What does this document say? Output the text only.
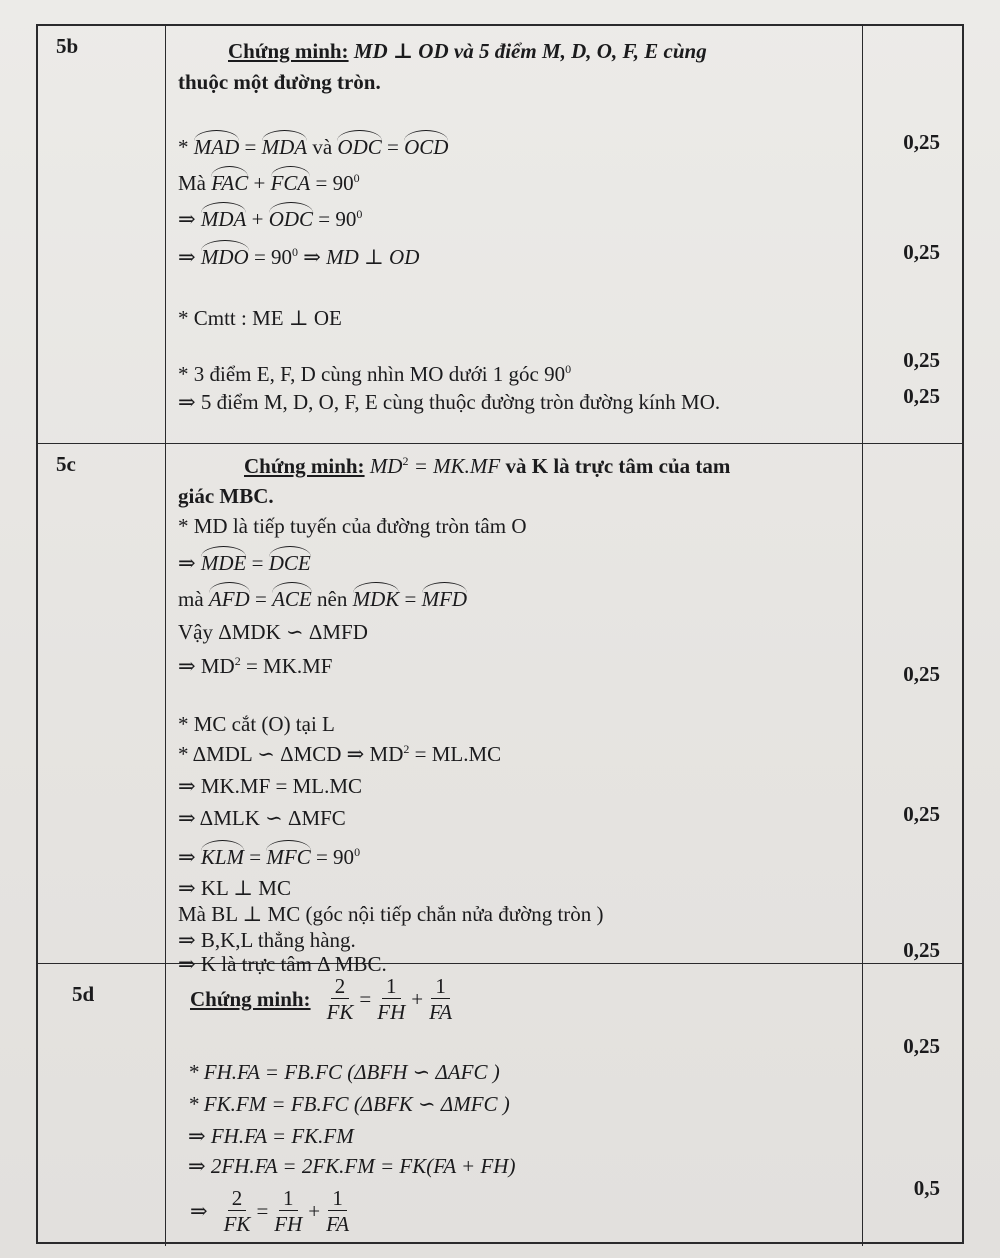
5b
0,25
0,25
0,25
0,25
Chứng minh: MD ⊥ OD và 5 điểm M, D, O, F, E cùng
thuộc một đường tròn.
* MAD = MDA và ODC = OCD
Mà FAC + FCA = $90^0$
⇒ MDA + ODC = $90^0$
⇒ MDO = $90^0$ ⇒ MD ⊥ OD
* Cmtt : ME ⊥ OE
* 3 điểm E, F, D cùng nhìn MO dưới 1 góc $90^0$
⇒ 5 điểm M, D, O, F, E cùng thuộc đường tròn đường kính MO.
5c
0,25
0,25
0,25
Chứng minh: $MD^2 = MK.MF$ và K là trực tâm của tam
giác MBC.
* MD là tiếp tuyến của đường tròn tâm O
⇒ MDE = DCE
mà AFD = ACE nên MDK = MFD
Vậy ΔMDK ∽ ΔMFD
⇒ $MD^2 = MK.MF$
* MC cắt (O) tại L
* ΔMDL ∽ ΔMCD ⇒ $MD^2 = ML.MC$
⇒ MK.MF = ML.MC
⇒ ΔMLK ∽ ΔMFC
⇒ KLM = MFC = $90^0$
⇒ KL ⊥ MC
Mà BL ⊥ MC (góc nội tiếp chắn nửa đường tròn )
⇒ B,K,L thẳng hàng.
⇒ K là trực tâm Δ MBC.
5d
0,25
0,5
Chứng minh: $\frac{2}{FK} = \frac{1}{FH} + \frac{1}{FA}$
* FH.FA = FB.FC (ΔBFH ∽ ΔAFC )
* FK.FM = FB.FC (ΔBFK ∽ ΔMFC )
⇒ FH.FA = FK.FM
⇒ 2FH.FA = 2FK.FM = FK(FA + FH)
⇒ $\frac{2}{FK} = \frac{1}{FH} + \frac{1}{FA}$
